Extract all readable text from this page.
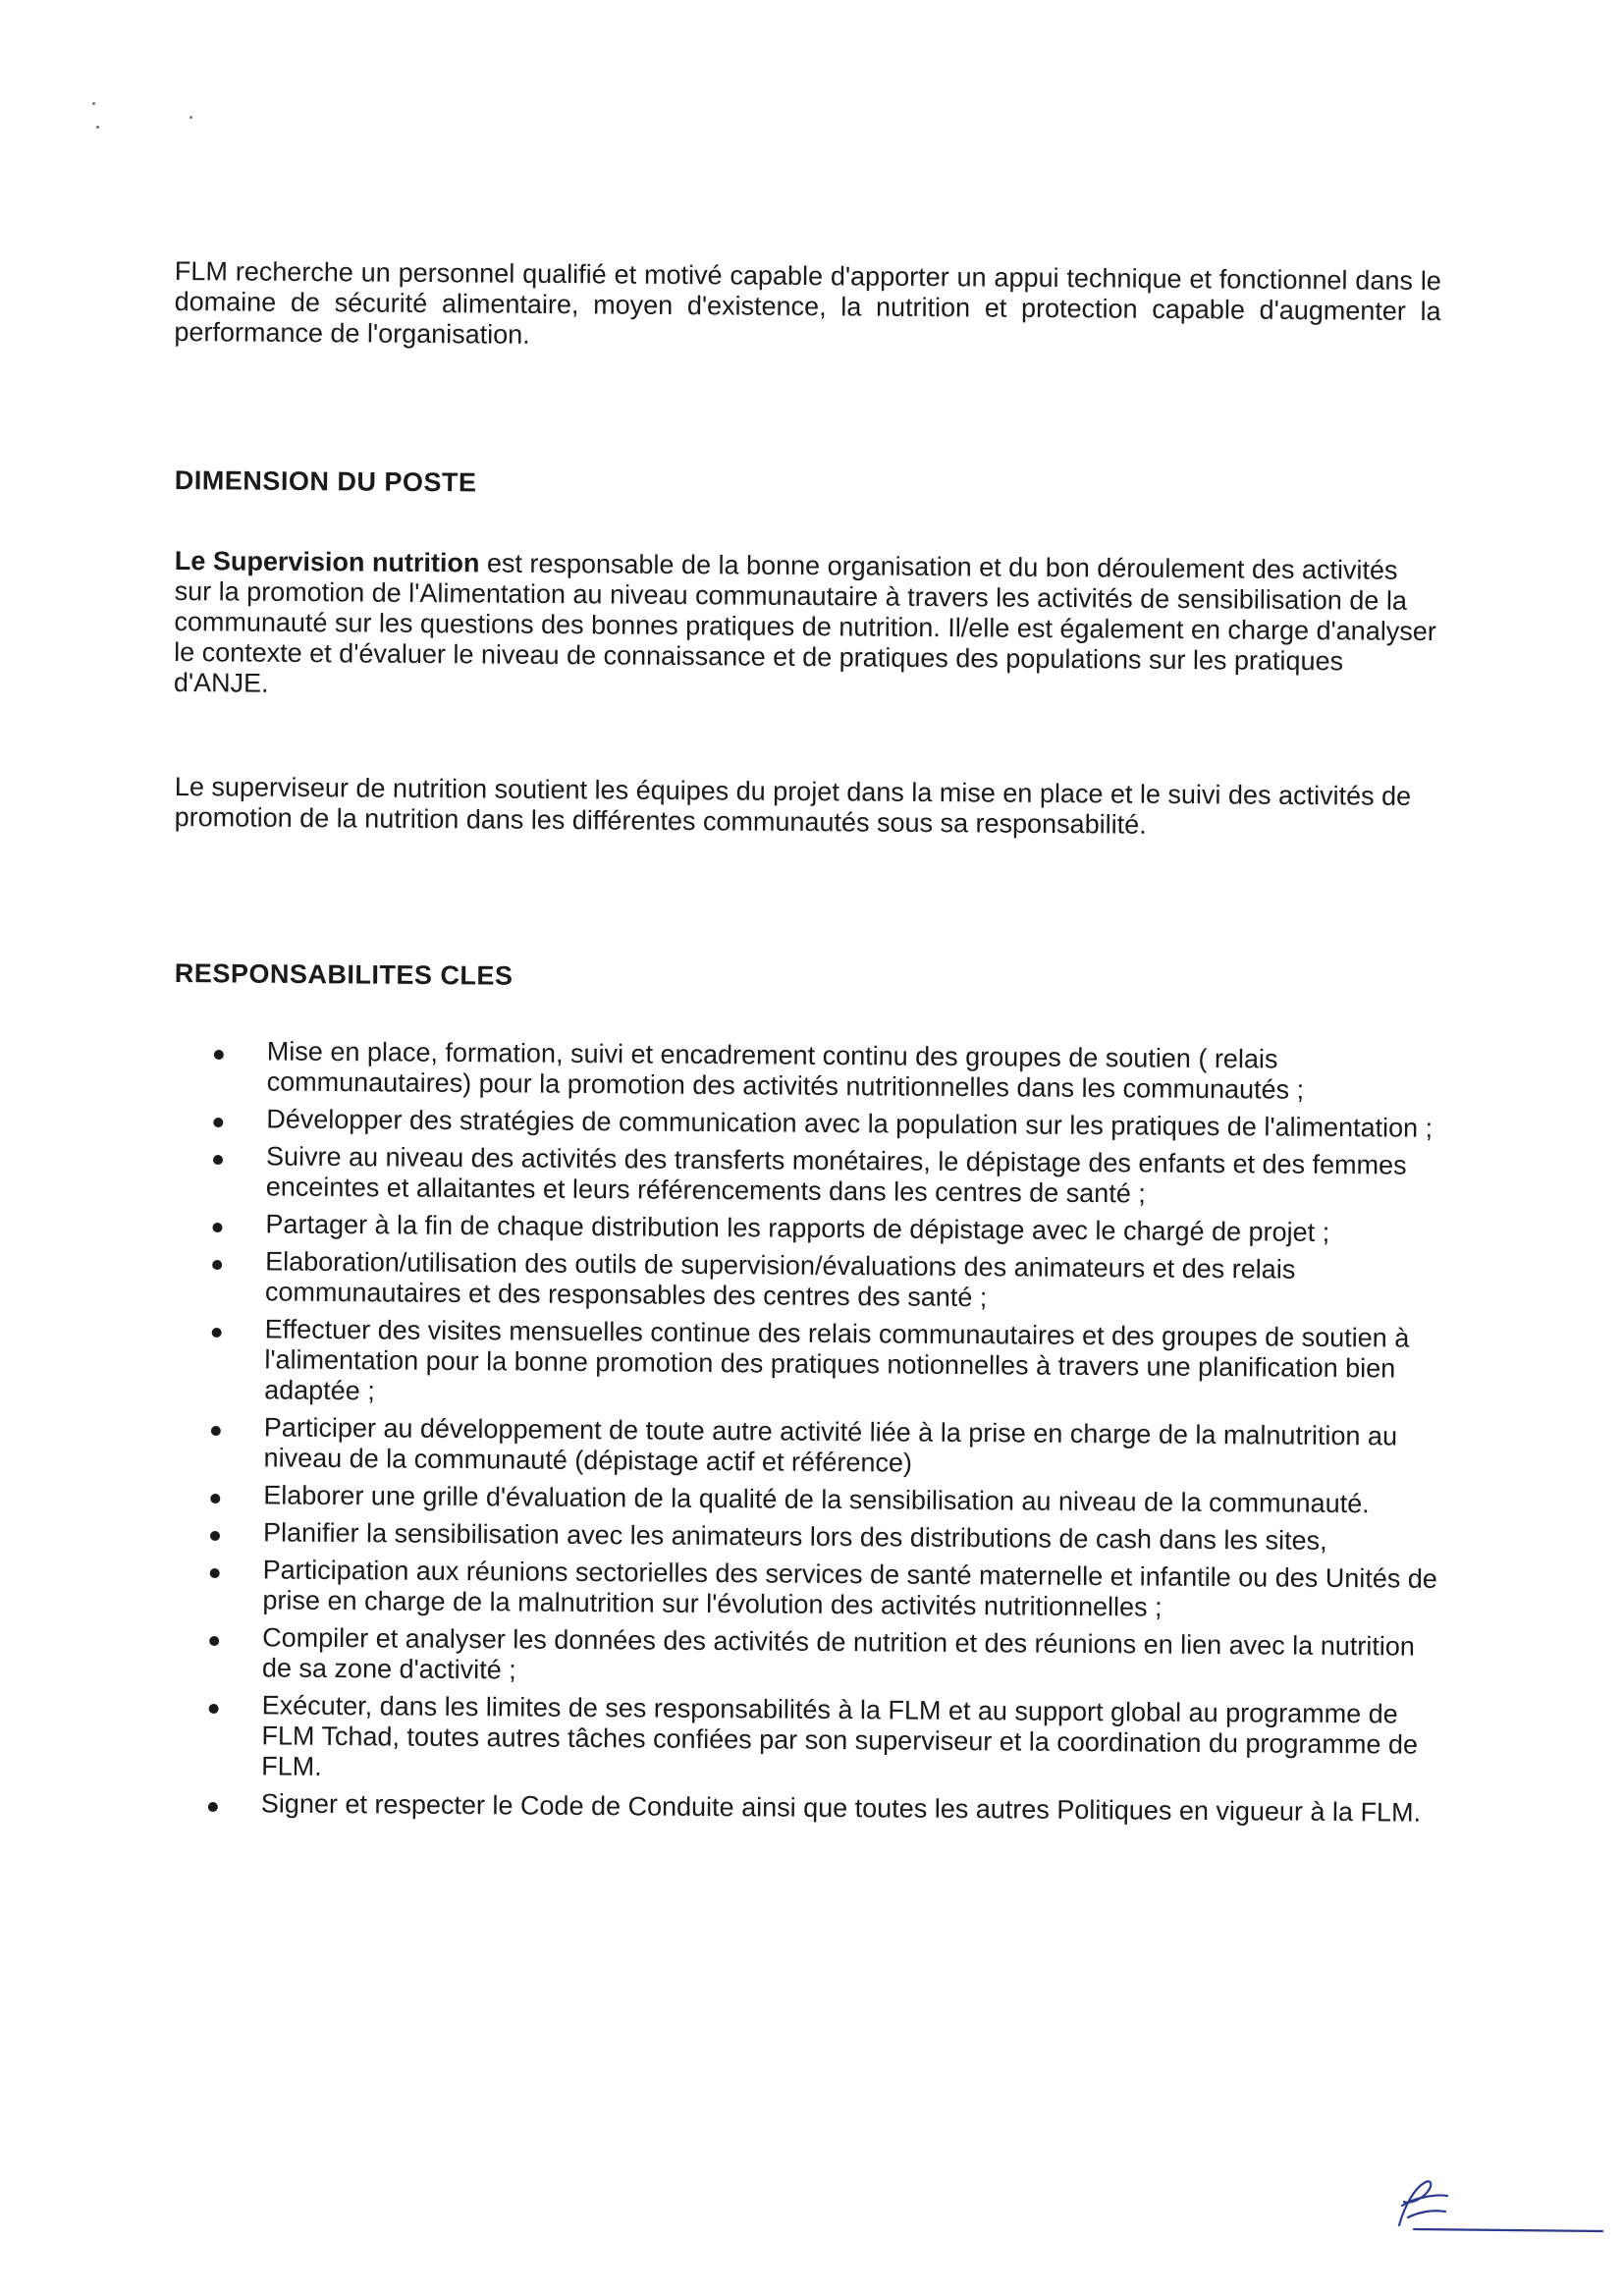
FLM recherche un personnel qualifié et motivé capable d'apporter un appui technique et fonctionnel dans le domaine de sécurité alimentaire, moyen d'existence, la nutrition et protection capable d'augmenter la performance de l'organisation.

DIMENSION DU POSTE

Le Supervision nutrition est responsable de la bonne organisation et du bon déroulement des activités sur la promotion de l'Alimentation au niveau communautaire à travers les activités de sensibilisation de la communauté sur les questions des bonnes pratiques de nutrition. Il/elle est également en charge d'analyser le contexte et d'évaluer le niveau de connaissance et de pratiques des populations sur les pratiques d'ANJE.

Le superviseur de nutrition soutient les équipes du projet dans la mise en place et le suivi des activités de promotion de la nutrition dans les différentes communautés sous sa responsabilité.

RESPONSABILITES CLES
Mise en place, formation, suivi et encadrement continu des groupes de soutien ( relais communautaires) pour la promotion des activités nutritionnelles dans les communautés ;
Développer des stratégies de communication avec la population sur les pratiques de l'alimentation ;
Suivre au niveau des activités des transferts monétaires, le dépistage des enfants et des femmes enceintes et allaitantes et leurs référencements dans les centres de santé ;
Partager à la fin de chaque distribution les rapports de dépistage avec le chargé de projet ;
Elaboration/utilisation des outils de supervision/évaluations des animateurs et des relais communautaires et des responsables des centres des santé ;
Effectuer des visites mensuelles continue des relais communautaires et des groupes de soutien à l'alimentation pour la bonne promotion des pratiques notionnelles à travers une planification bien adaptée ;
Participer au développement de toute autre activité liée à la prise en charge de la malnutrition au niveau de la communauté (dépistage actif et référence)
Elaborer une grille d'évaluation de la qualité de la sensibilisation au niveau de la communauté.
Planifier la sensibilisation avec les animateurs lors des distributions de cash dans les sites,
Participation aux réunions sectorielles des services de santé maternelle et infantile ou des Unités de prise en charge de la malnutrition sur l'évolution des activités nutritionnelles ;
Compiler et analyser les données des activités de nutrition et des réunions en lien avec la nutrition de sa zone d'activité ;
Exécuter, dans les limites de ses responsabilités à la FLM et au support global au programme de FLM Tchad, toutes autres tâches confiées par son superviseur et la coordination du programme de FLM.
Signer et respecter le Code de Conduite ainsi que toutes les autres Politiques en vigueur à la FLM.
